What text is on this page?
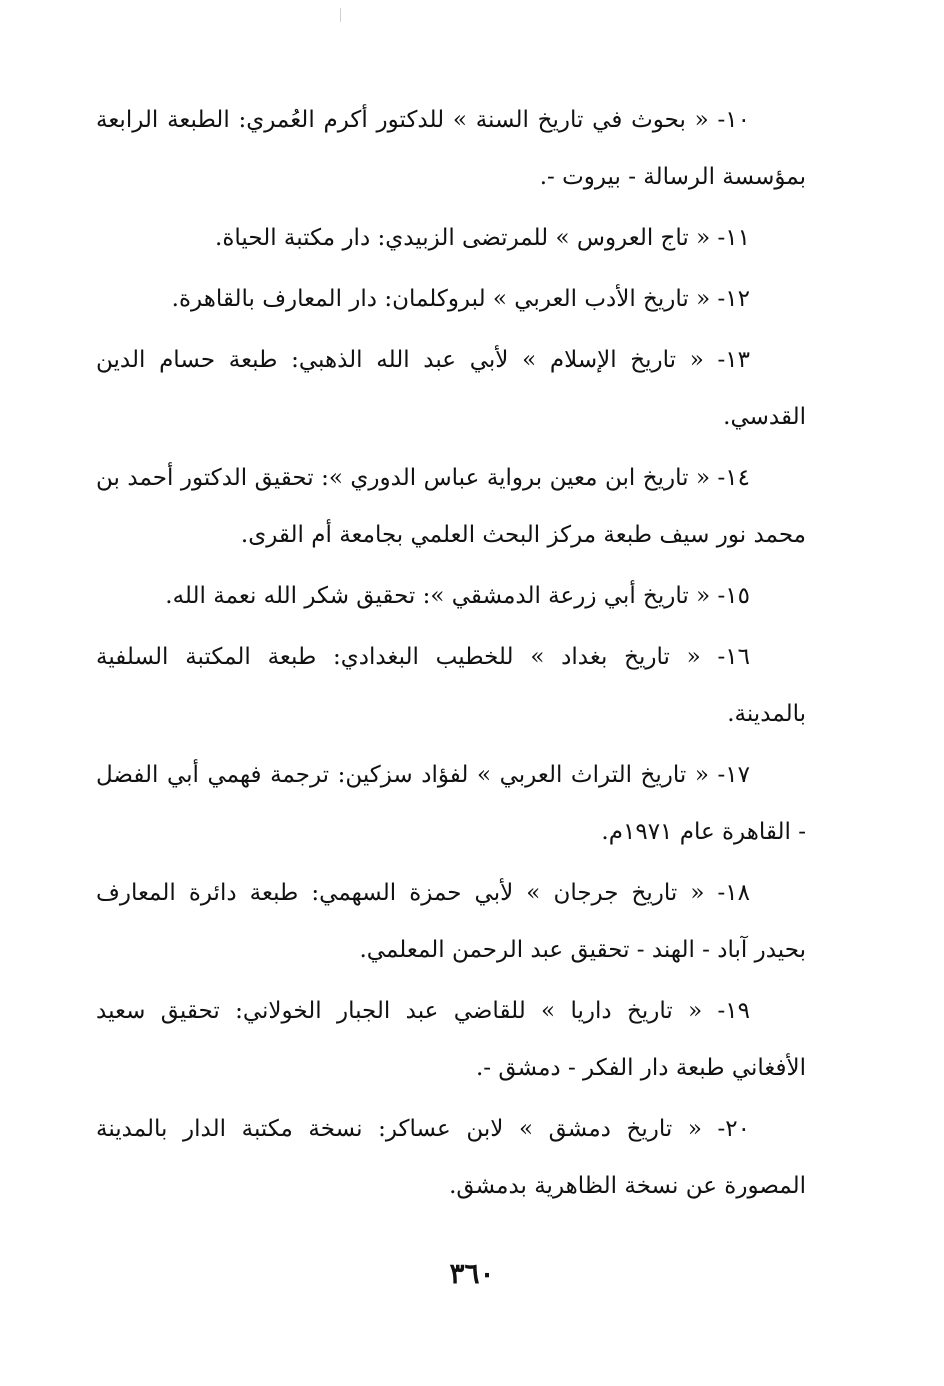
١٠- « بحوث في تاريخ السنة » للدكتور أكرم العُمري: الطبعة الرابعة بمؤسسة الرسالة - بيروت -.

١١- « تاج العروس » للمرتضى الزبيدي: دار مكتبة الحياة.

١٢- « تاريخ الأدب العربي » لبروكلمان: دار المعارف بالقاهرة.

١٣- « تاريخ الإسلام » لأبي عبد الله الذهبي: طبعة حسام الدين القدسي.

١٤- « تاريخ ابن معين برواية عباس الدوري »: تحقيق الدكتور أحمد بن محمد نور سيف طبعة مركز البحث العلمي بجامعة أم القرى.

١٥- « تاريخ أبي زرعة الدمشقي »: تحقيق شكر الله نعمة الله.

١٦- « تاريخ بغداد » للخطيب البغدادي: طبعة المكتبة السلفية بالمدينة.

١٧- « تاريخ التراث العربي » لفؤاد سزكين: ترجمة فهمي أبي الفضل - القاهرة عام ١٩٧١م.

١٨- « تاريخ جرجان » لأبي حمزة السهمي: طبعة دائرة المعارف بحيدر آباد - الهند - تحقيق عبد الرحمن المعلمي.

١٩- « تاريخ داريا » للقاضي عبد الجبار الخولاني: تحقيق سعيد الأفغاني طبعة دار الفكر - دمشق -.

٢٠- « تاريخ دمشق » لابن عساكر: نسخة مكتبة الدار بالمدينة المصورة عن نسخة الظاهرية بدمشق.

٣٦٠
